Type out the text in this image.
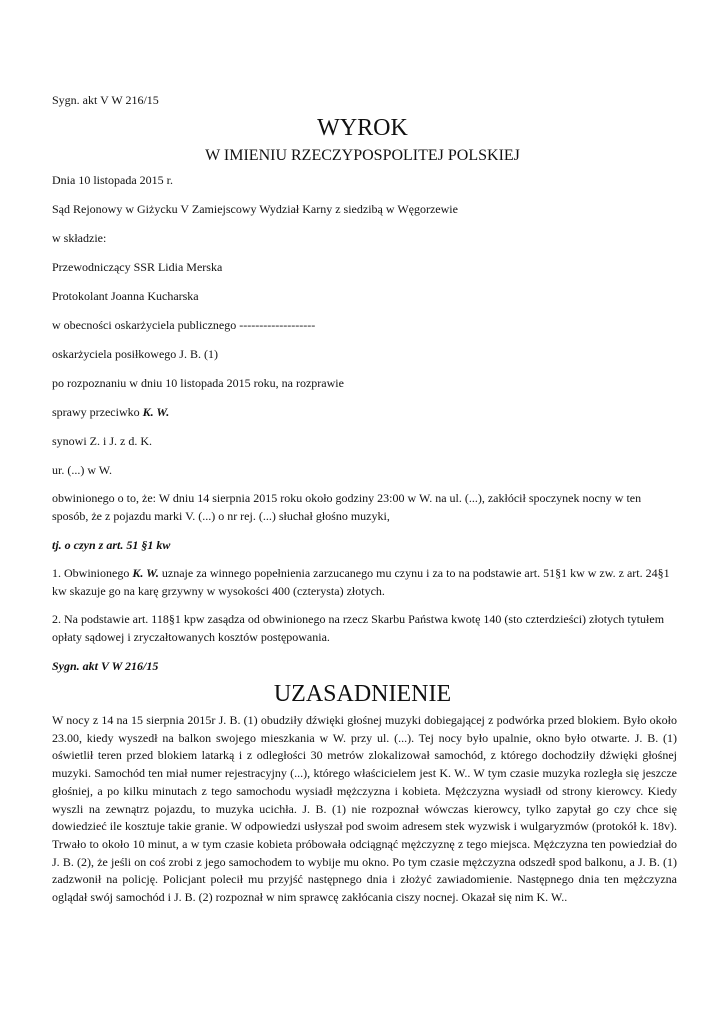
Sygn. akt V W 216/15

WYROK
W IMIENIU RZECZYPOSPOLITEJ POLSKIEJ

Dnia 10 listopada 2015 r.

Sąd Rejonowy w Giżycku V Zamiejscowy Wydział Karny z siedzibą w Węgorzewie

w składzie:

Przewodniczący SSR Lidia Merska

Protokolant Joanna Kucharska

w obecności oskarżyciela publicznego -------------------

oskarżyciela posiłkowego J. B. (1)

po rozpoznaniu w dniu 10 listopada 2015 roku, na rozprawie

sprawy przeciwko K. W.

synowi Z. i J. z d. K.

ur. (...) w W.

obwinionego o to, że: W dniu 14 sierpnia 2015 roku około godziny 23:00 w W. na ul. (...), zakłócił spoczynek nocny w ten sposób, że z pojazdu marki V. (...) o nr rej. (...) słuchał głośno muzyki,

tj. o czyn z art. 51 §1 kw

1. Obwinionego K. W. uznaje za winnego popełnienia zarzucanego mu czynu i za to na podstawie art. 51§1 kw w zw. z art. 24§1 kw skazuje go na karę grzywny w wysokości 400 (czterysta) złotych.

2. Na podstawie art. 118§1 kpw zasądza od obwinionego na rzecz Skarbu Państwa kwotę 140 (sto czterdzieści) złotych tytułem opłaty sądowej i zryczałtowanych kosztów postępowania.

Sygn. akt V W 216/15

UZASADNIENIE

W nocy z 14 na 15 sierpnia 2015r J. B. (1) obudziły dźwięki głośnej muzyki dobiegającej z podwórka przed blokiem. Było około 23.00, kiedy wyszedł na balkon swojego mieszkania w W. przy ul. (...). Tej nocy było upalnie, okno było otwarte. J. B. (1) oświetlił teren przed blokiem latarką i z odległości 30 metrów zlokalizował samochód, z którego dochodziły dźwięki głośnej muzyki. Samochód ten miał numer rejestracyjny (...), którego właścicielem jest K. W.. W tym czasie muzyka rozległa się jeszcze głośniej, a po kilku minutach z tego samochodu wysiadł mężczyzna i kobieta. Mężczyzna wysiadł od strony kierowcy. Kiedy wyszli na zewnątrz pojazdu, to muzyka ucichła. J. B. (1) nie rozpoznał wówczas kierowcy, tylko zapytał go czy chce się dowiedzieć ile kosztuje takie granie. W odpowiedzi usłyszał pod swoim adresem stek wyzwisk i wulgaryzmów (protokół k. 18v). Trwało to około 10 minut, a w tym czasie kobieta próbowała odciągnąć mężczyznę z tego miejsca. Mężczyzna ten powiedział do J. B. (2), że jeśli on coś zrobi z jego samochodem to wybije mu okno. Po tym czasie mężczyzna odszedł spod balkonu, a J. B. (1) zadzwonił na policję. Policjant polecił mu przyjść następnego dnia i złożyć zawiadomienie. Następnego dnia ten mężczyzna oglądał swój samochód i J. B. (2) rozpoznał w nim sprawcę zakłócania ciszy nocnej. Okazał się nim K. W..
